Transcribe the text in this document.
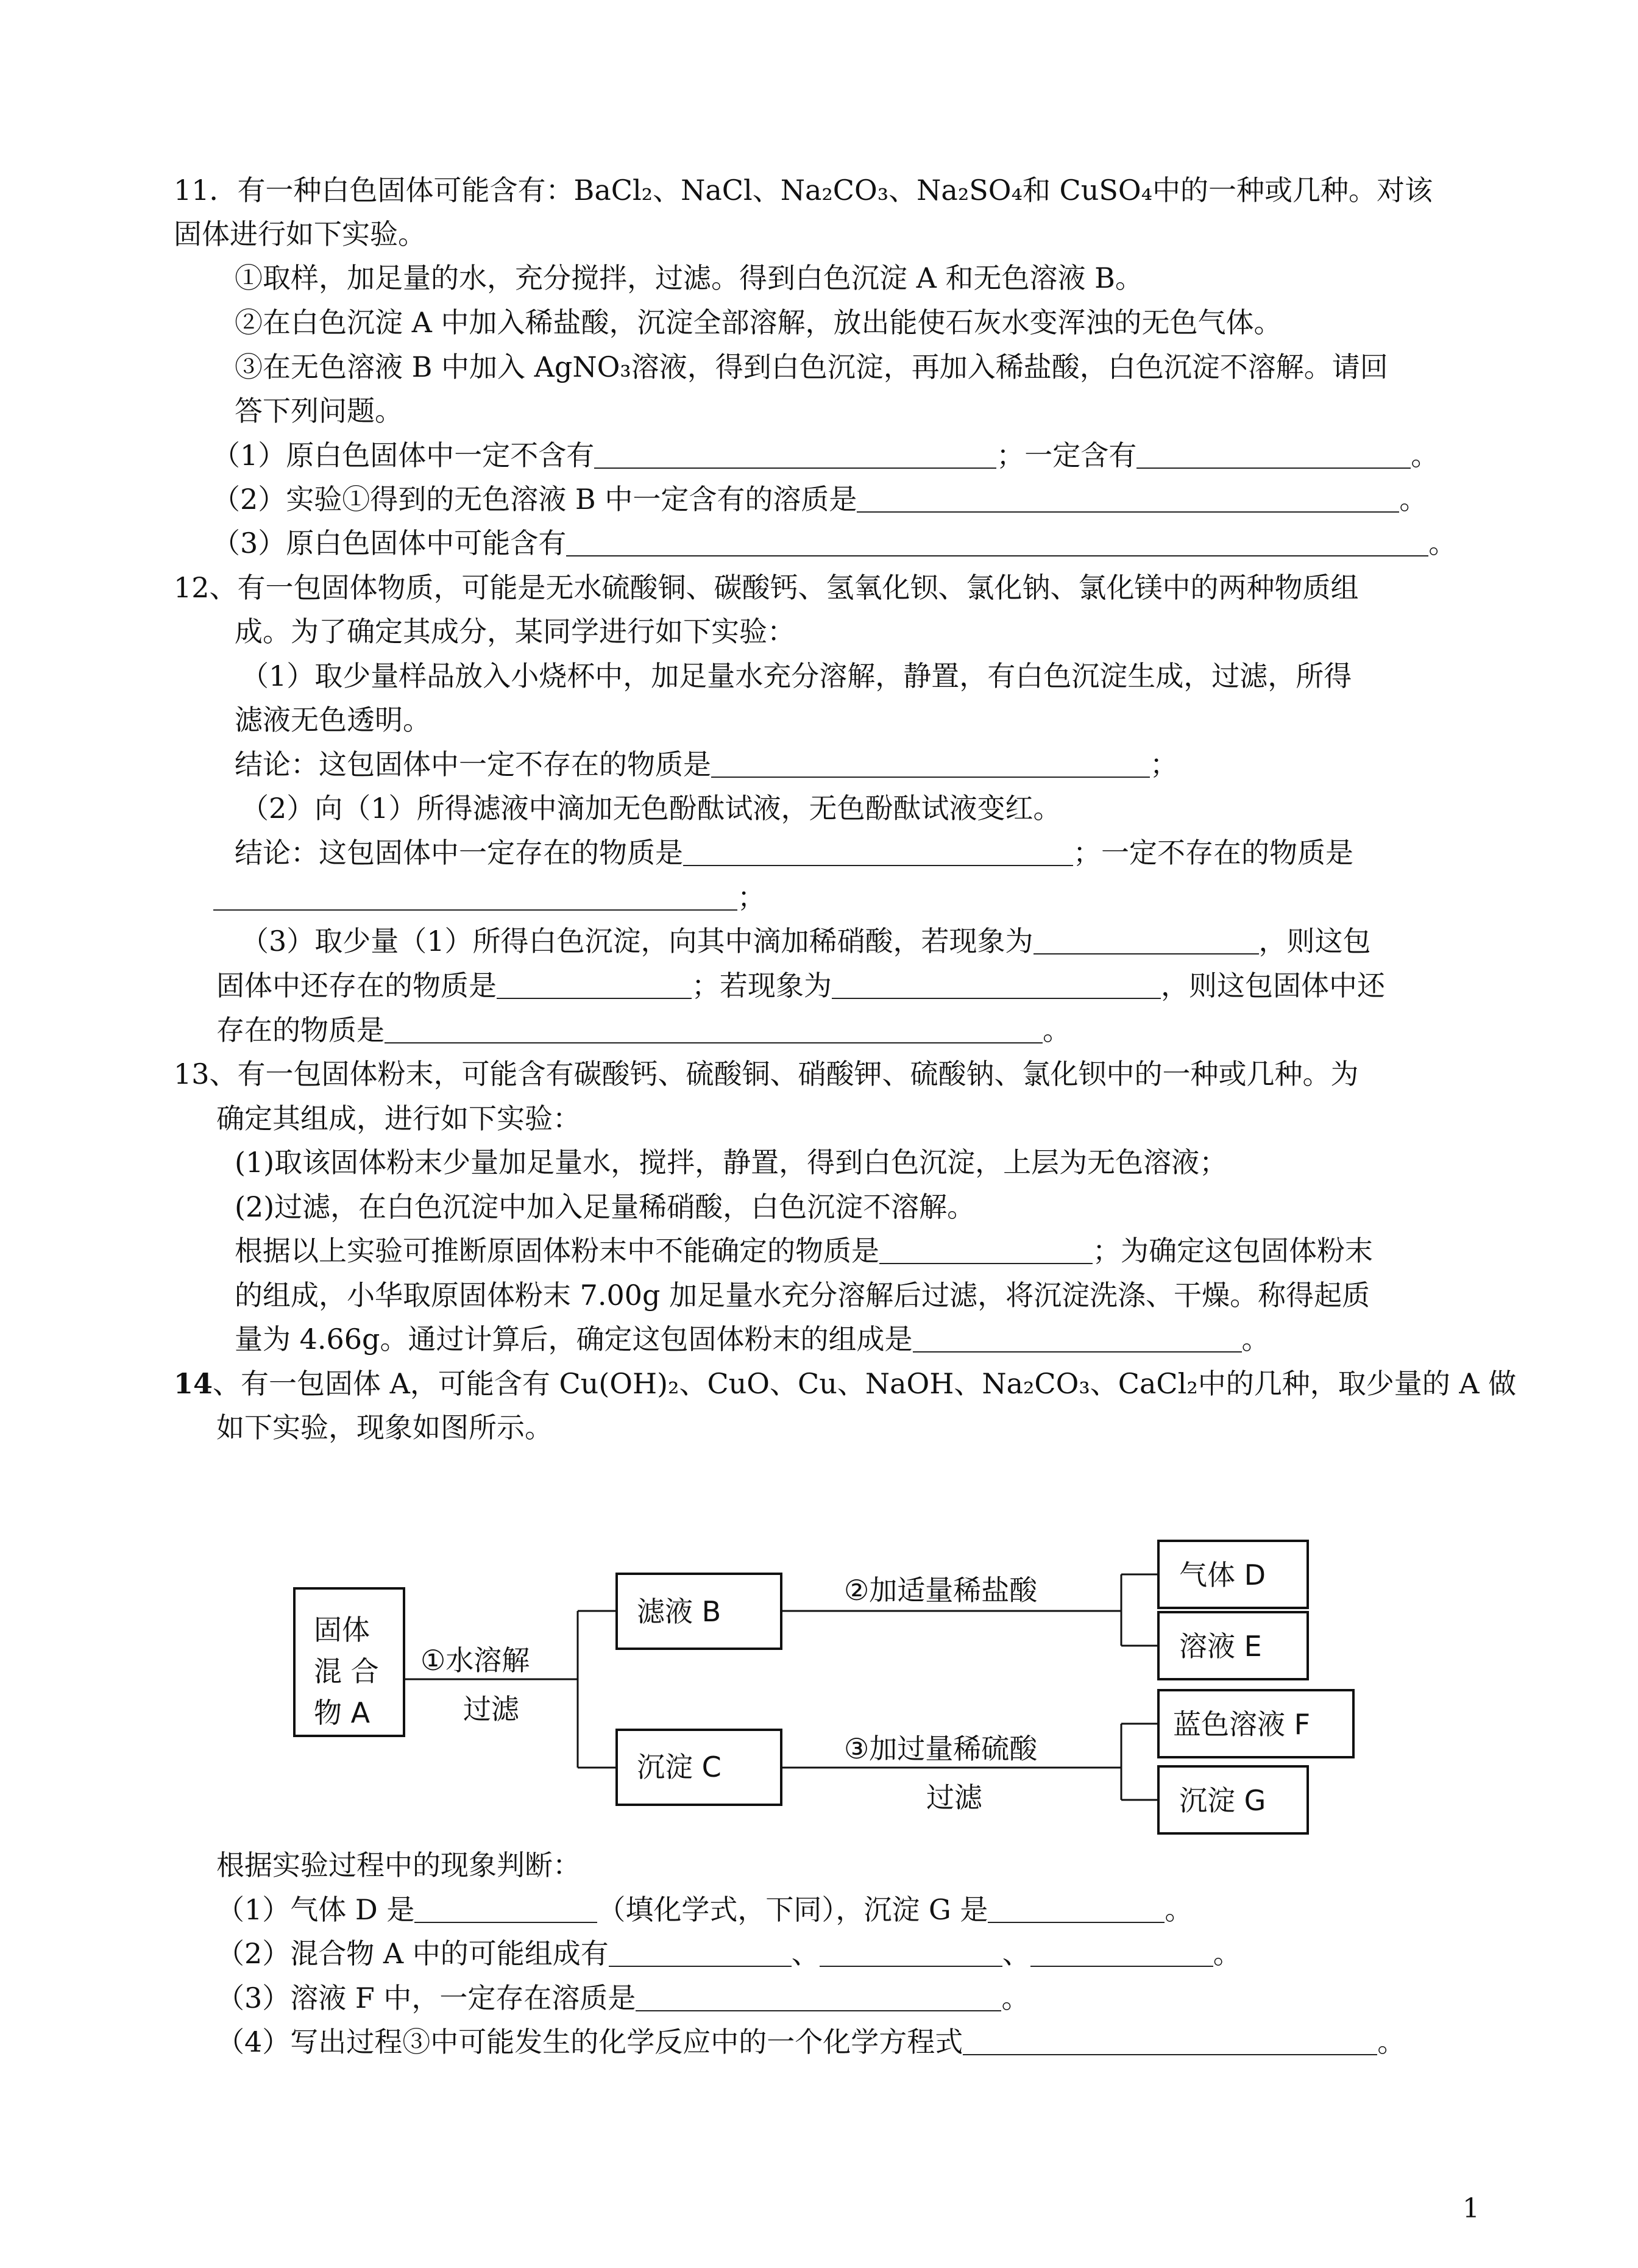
11．有一种白色固体可能含有：BaCl₂、NaCl、Na₂CO₃、Na₂SO₄和 CuSO₄中的一种或几种。对该
固体进行如下实验。
①取样，加足量的水，充分搅拌，过滤。得到白色沉淀 A 和无色溶液 B。
②在白色沉淀 A 中加入稀盐酸，沉淀全部溶解，放出能使石灰水变浑浊的无色气体。
③在无色溶液 B 中加入 AgNO₃溶液，得到白色沉淀，再加入稀盐酸，白色沉淀不溶解。请回
答下列问题。
（1）原白色固体中一定不含有	；一定含有	。
（2）实验①得到的无色溶液 B 中一定含有的溶质是	。
（3）原白色固体中可能含有	。
12、有一包固体物质，可能是无水硫酸铜、碳酸钙、氢氧化钡、氯化钠、氯化镁中的两种物质组
成。为了确定其成分，某同学进行如下实验：
（1）取少量样品放入小烧杯中，加足量水充分溶解，静置，有白色沉淀生成，过滤，所得
滤液无色透明。
结论：这包固体中一定不存在的物质是	；
（2）向（1）所得滤液中滴加无色酚酞试液，无色酚酞试液变红。
结论：这包固体中一定存在的物质是	；一定不存在的物质是
；
（3）取少量（1）所得白色沉淀，向其中滴加稀硝酸，若现象为	，则这包
固体中还存在的物质是	；若现象为	，则这包固体中还
存在的物质是	。
13、有一包固体粉末，可能含有碳酸钙、硫酸铜、硝酸钾、硫酸钠、氯化钡中的一种或几种。为
确定其组成，进行如下实验：
(1)取该固体粉末少量加足量水，搅拌，静置，得到白色沉淀，上层为无色溶液；
(2)过滤，在白色沉淀中加入足量稀硝酸，白色沉淀不溶解。
根据以上实验可推断原固体粉末中不能确定的物质是	；为确定这包固体粉末
的组成，小华取原固体粉末 7.00g 加足量水充分溶解后过滤，将沉淀洗涤、干燥。称得起质
量为 4.66g。通过计算后，确定这包固体粉末的组成是	。
14、有一包固体 A，可能含有 Cu(OH)₂、CuO、Cu、NaOH、Na₂CO₃、CaCl₂中的几种，取少量的 A 做
如下实验，现象如图所示。
固体
混 合
物 A
①水溶解
过滤
滤液 B
沉淀 C
②加适量稀盐酸
③加过量稀硫酸
过滤
气体 D
溶液 E
蓝色溶液 F
沉淀 G
根据实验过程中的现象判断：
（1）气体 D 是	（填化学式，下同），沉淀 G 是	。
（2）混合物 A 中的可能组成有	、	、	。
（3）溶液 F 中，一定存在溶质是	。
（4）写出过程③中可能发生的化学反应中的一个化学方程式	。
1
